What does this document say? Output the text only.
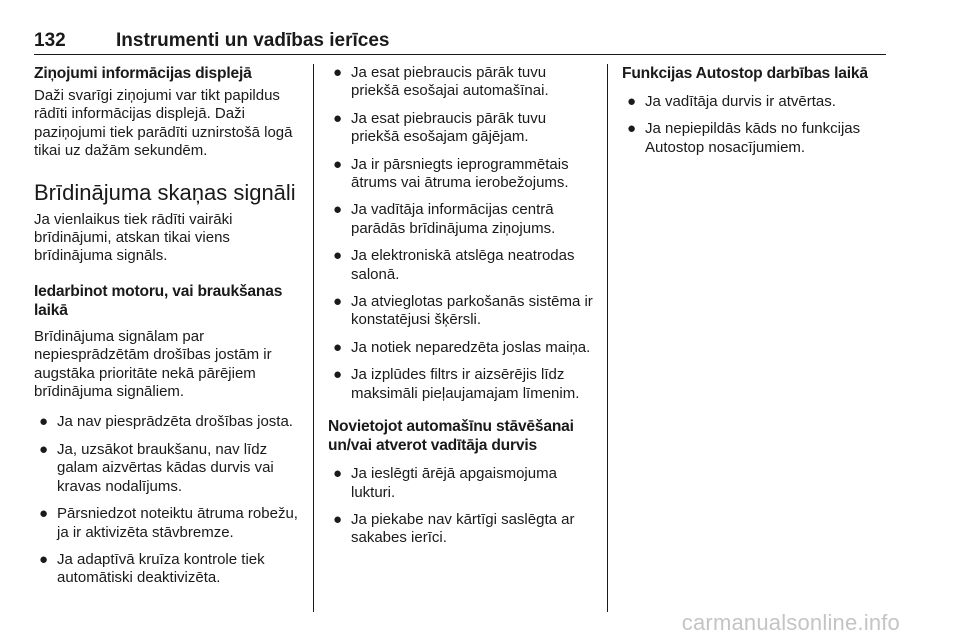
132	Instrumenti un vadības ierīces
Ziņojumi informācijas displejā
Daži svarīgi ziņojumi var tikt papildus rādīti informācijas displejā. Daži paziņojumi tiek parādīti uznirstošā logā tikai uz dažām sekundēm.
Brīdinājuma skaņas signāli
Ja vienlaikus tiek rādīti vairāki brīdinājumi, atskan tikai viens brīdinājuma signāls.
Iedarbinot motoru, vai braukšanas laikā
Brīdinājuma signālam par nepiesprādzētām drošības jostām ir augstāka prioritāte nekā pārējiem brīdinājuma signāliem.
● Ja nav piesprādzēta drošības josta.
● Ja, uzsākot braukšanu, nav līdz galam aizvērtas kādas durvis vai kravas nodalījums.
● Pārsniedzot noteiktu ātruma robežu, ja ir aktivizēta stāvbremze.
● Ja adaptīvā kruīza kontrole tiek automātiski deaktivizēta.
● Ja esat piebraucis pārāk tuvu priekšā esošajai automašīnai.
● Ja esat piebraucis pārāk tuvu priekšā esošajam gājējam.
● Ja ir pārsniegts ieprogrammētais ātrums vai ātruma ierobežojums.
● Ja vadītāja informācijas centrā parādās brīdinājuma ziņojums.
● Ja elektroniskā atslēga neatrodas salonā.
● Ja atvieglotas parkošanās sistēma ir konstatējusi šķērsli.
● Ja notiek neparedzēta joslas maiņa.
● Ja izplūdes filtrs ir aizsērējis līdz maksimāli pieļaujamajam līmenim.
Novietojot automašīnu stāvēšanai un/vai atverot vadītāja durvis
● Ja ieslēgti ārējā apgaismojuma lukturi.
● Ja piekabe nav kārtīgi saslēgta ar sakabes ierīci.
Funkcijas Autostop darbības laikā
● Ja vadītāja durvis ir atvērtas.
● Ja nepiepildās kāds no funkcijas Autostop nosacījumiem.
carmanualsonline.info
